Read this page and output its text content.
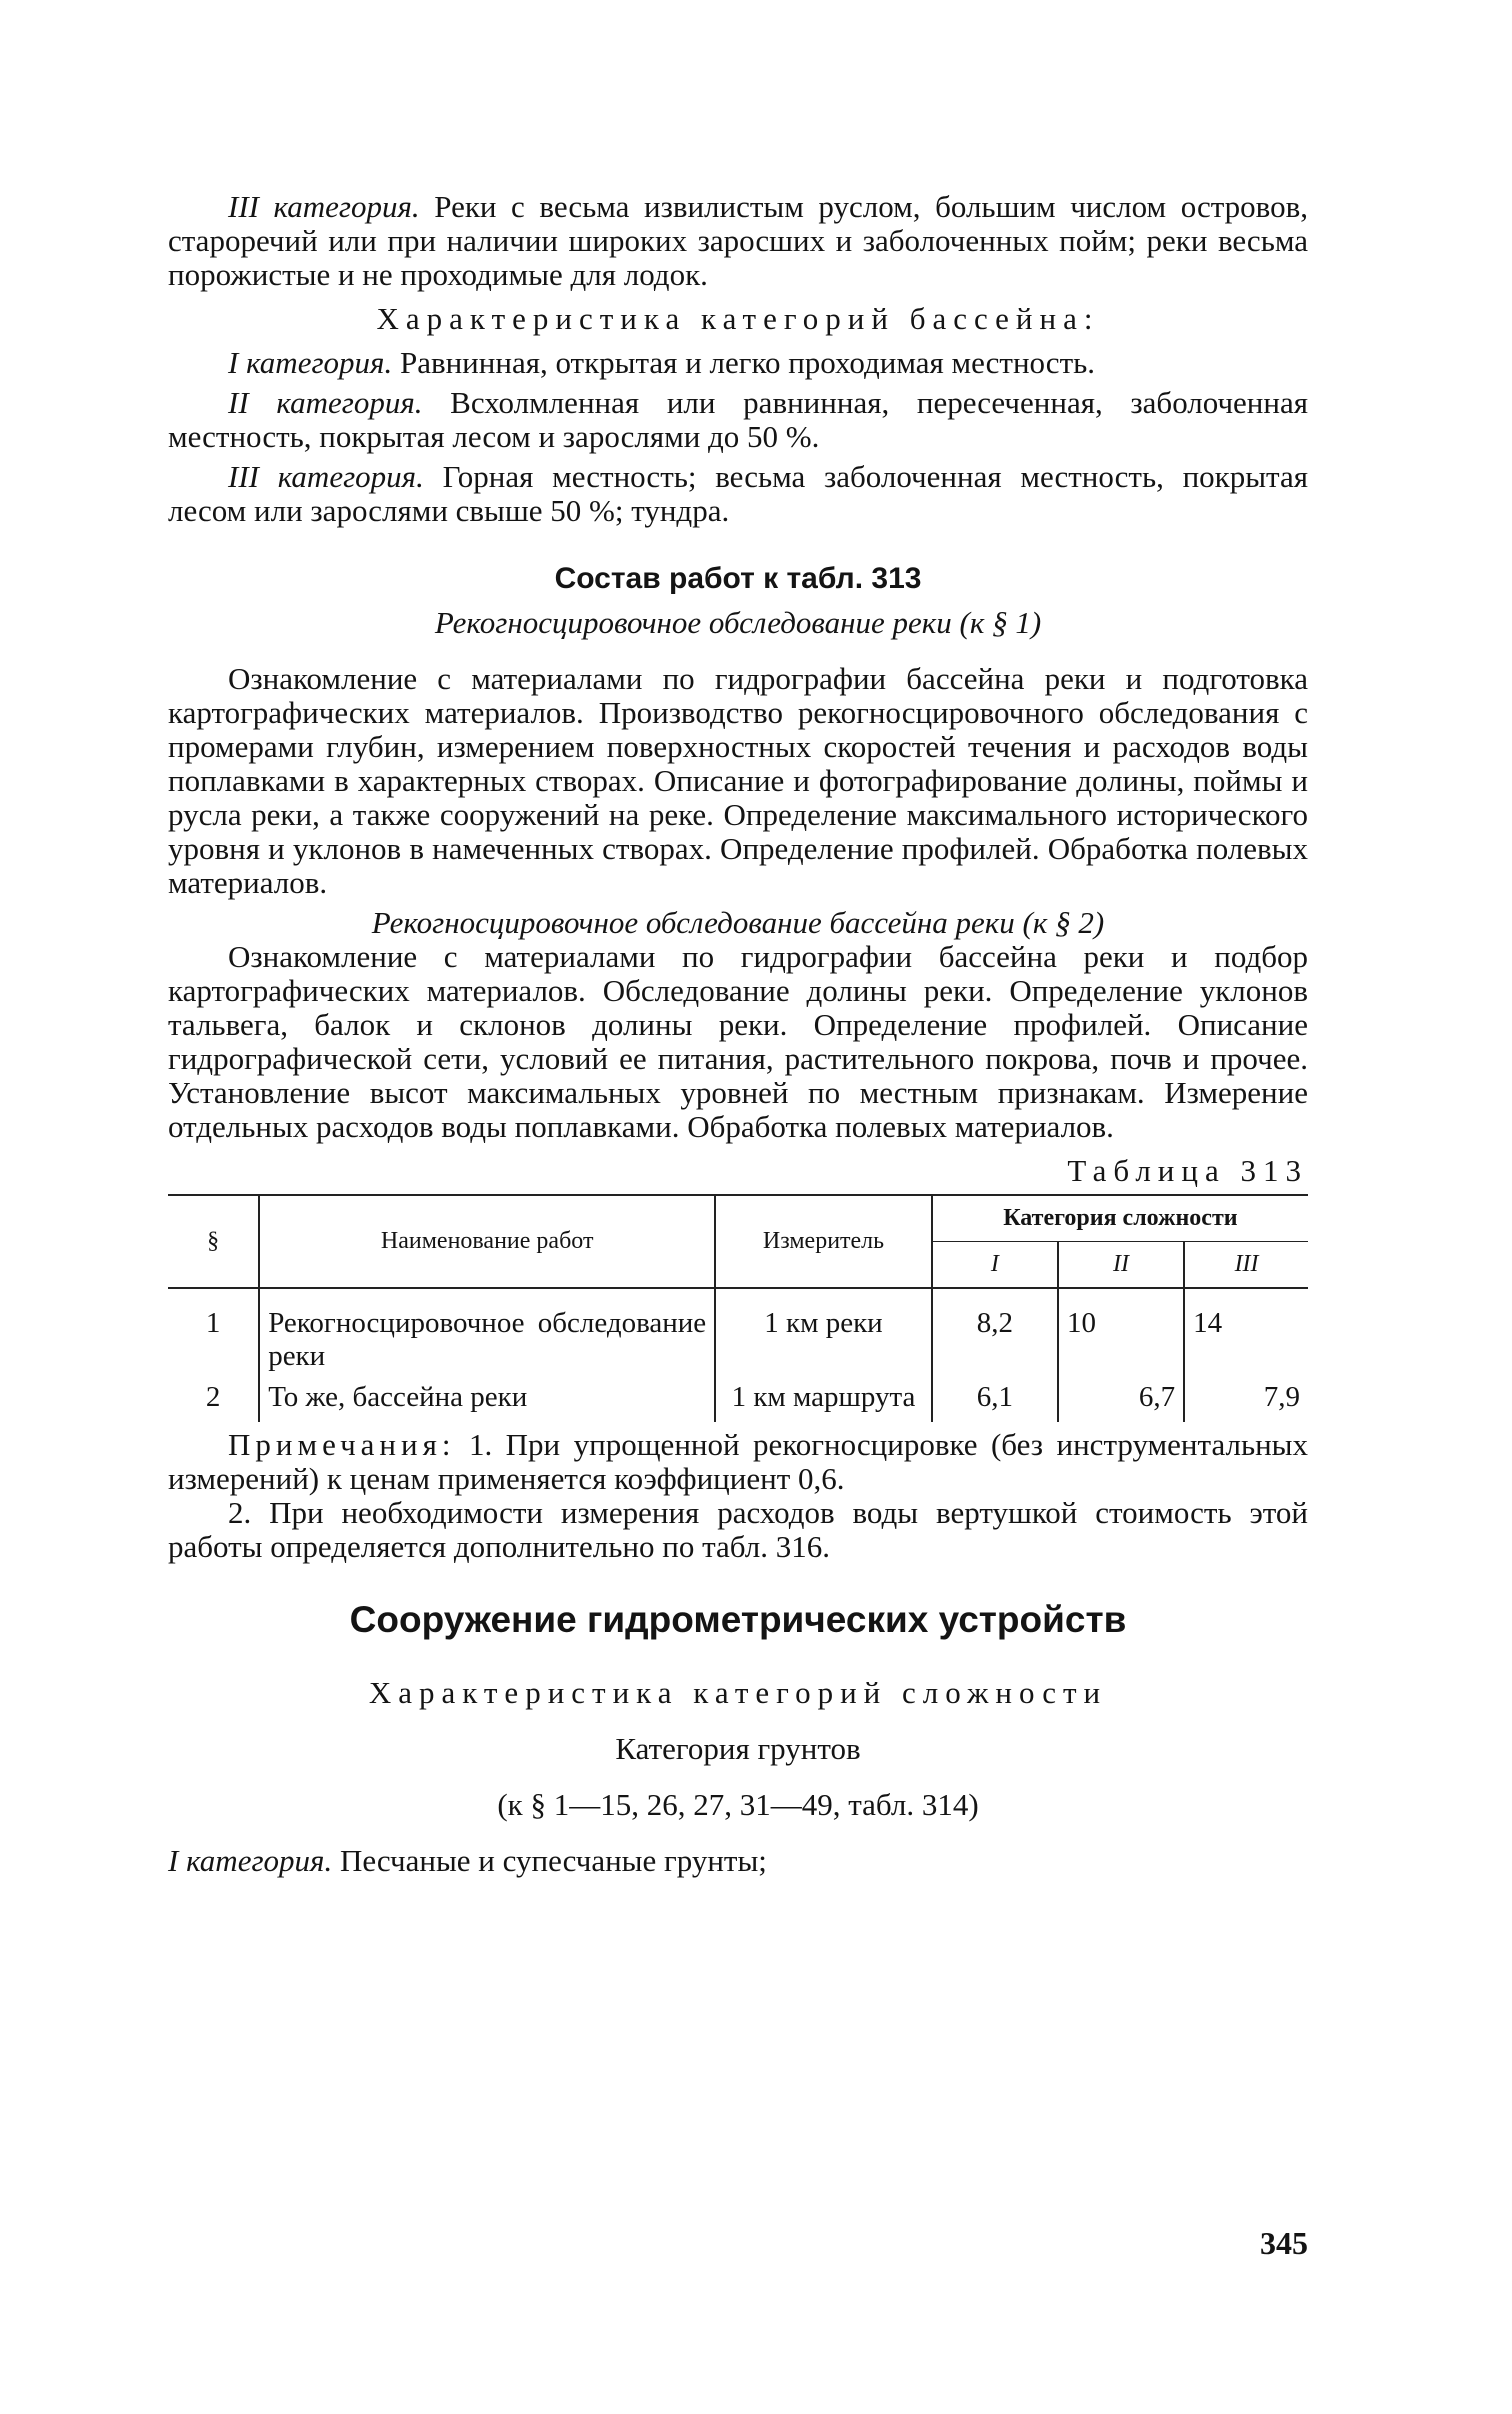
III категория. Реки с весьма извилистым руслом, большим числом островов, старoречий или при наличии широких заросших и заболоченных пойм; реки весьма порожистые и не проходимые для лодок.

Характеристика категорий бассейна:

I категория. Равнинная, открытая и легко проходимая местность.

II категория. Всхолмленная или равнинная, пересеченная, заболоченная местность, покрытая лесом и зарослями до 50 %.

III категория. Горная местность; весьма заболоченная местность, покрытая лесом или зарослями свыше 50 %; тундра.

Состав работ к табл. 313

Рекогносцировочное обследование реки (к § 1)

Ознакомление с материалами по гидрографии бассейна реки и подготовка картографических материалов. Производство рекогносцировочного обследования с промерами глубин, измерением поверхностных скоростей течения и расходов воды поплавками в характерных створах. Описание и фотографирование долины, поймы и русла реки, а также сооружений на реке. Определение максимального исторического уровня и уклонов в намеченных створах. Определение профилей. Обработка полевых материалов.

Рекогносцировочное обследование бассейна реки (к § 2)

Ознакомление с материалами по гидрографии бассейна реки и подбор картографических материалов. Обследование долины реки. Определение уклонов тальвега, балок и склонов долины реки. Определение профилей. Описание гидрографической сети, условий ее питания, растительного покрова, почв и прочее. Установление высот максимальных уровней по местным признакам. Измерение отдельных расходов воды поплавками. Обработка полевых материалов.

Таблица 313

§	Наименование работ	Измеритель	Категория сложности		
			I	II	III
1	Рекогносцировочное обследование реки	1 км реки	8,2	10	14
2	То же, бассейна реки	1 км маршрута	6,1	6,7	7,9

Примечания: 1. При упрощенной рекогносцировке (без инструментальных измерений) к ценам применяется коэффициент 0,6.

2. При необходимости измерения расходов воды вертушкой стоимость этой работы определяется дополнительно по табл. 316.

Сооружение гидрометрических устройств

Характеристика категорий сложности

Категория грунтов

(к § 1—15, 26, 27, 31—49, табл. 314)

I категория. Песчаные и супесчаные грунты;

345
